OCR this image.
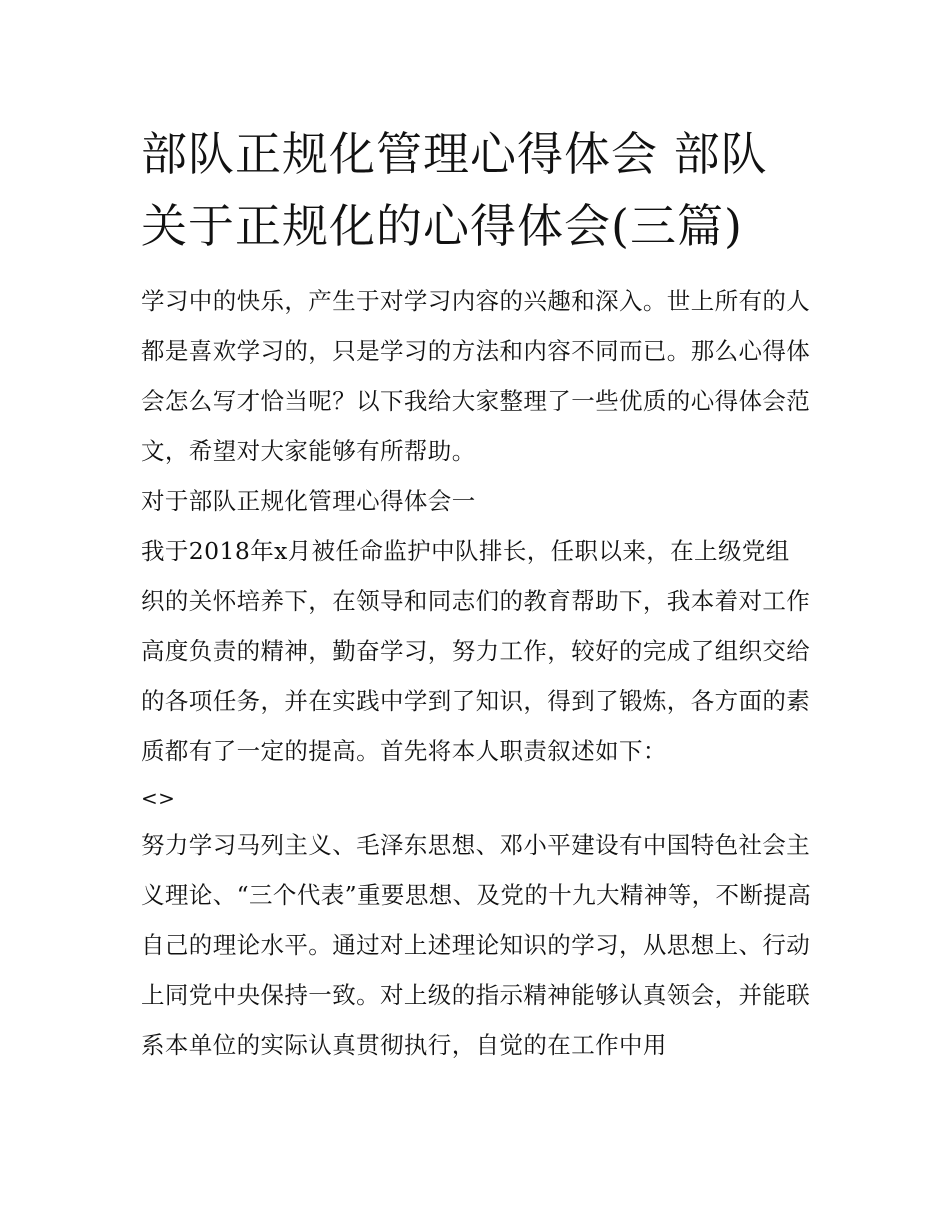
部队正规化管理心得体会 部队关于正规化的心得体会(三篇)

学习中的快乐，产生于对学习内容的兴趣和深入。世上所有的人都是喜欢学习的，只是学习的方法和内容不同而已。那么心得体会怎么写才恰当呢？以下我给大家整理了一些优质的心得体会范文，希望对大家能够有所帮助。

对于部队正规化管理心得体会一

我于2018年x月被任命监护中队排长，任职以来，在上级党组织的关怀培养下，在领导和同志们的教育帮助下，我本着对工作高度负责的精神，勤奋学习，努力工作，较好的完成了组织交给的各项任务，并在实践中学到了知识，得到了锻炼，各方面的素质都有了一定的提高。首先将本人职责叙述如下：

<>

努力学习马列主义、毛泽东思想、邓小平建设有中国特色社会主义理论、“三个代表”重要思想、及党的十九大精神等，不断提高自己的理论水平。通过对上述理论知识的学习，从思想上、行动上同党中央保持一致。对上级的指示精神能够认真领会，并能联系本单位的实际认真贯彻执行，自觉的在工作中用
